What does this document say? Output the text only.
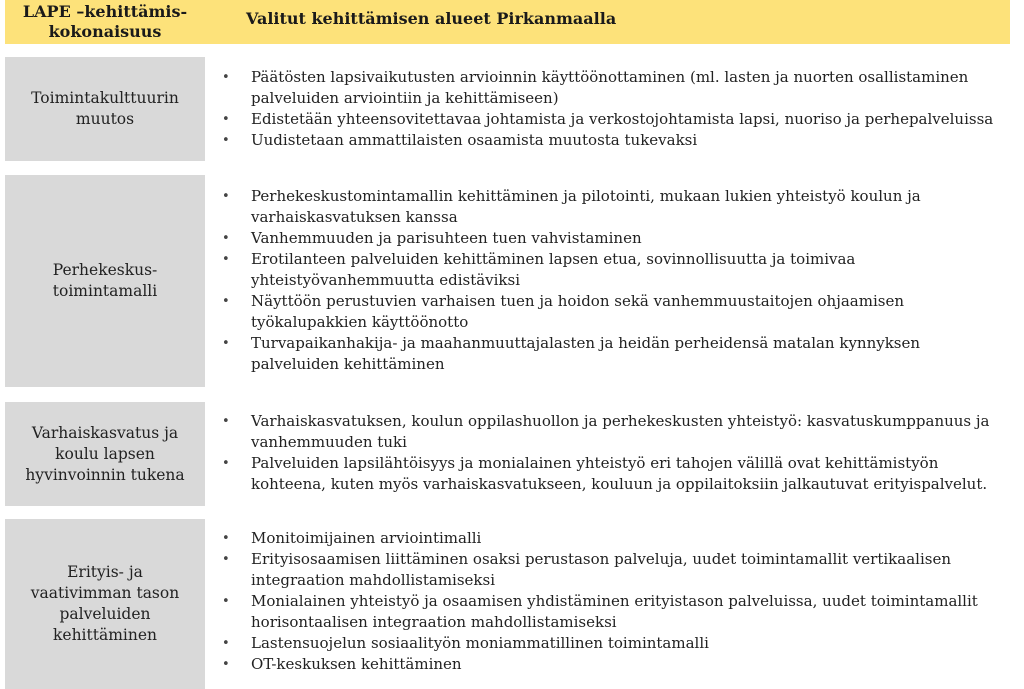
LAPE –kehittämis-
kokonaisuus
Valitut kehittämisen alueet Pirkanmaalla
Toimintakulttuurin
muutos
• Päätösten lapsivaikutusten arvioinnin käyttöönottaminen (ml. lasten ja nuorten osallistaminen palveluiden arviointiin ja kehittämiseen)
• Edistetään yhteensovitettavaa johtamista ja verkostojohtamista lapsi, nuoriso ja perhepalveluissa
• Uudistetaan ammattilaisten osaamista muutosta tukevaksi
Perhekeskus-
toimintamalli
• Perhekeskustomintamallin kehittäminen ja pilotointi, mukaan lukien yhteistyö koulun ja varhaiskasvatuksen kanssa
• Vanhemmuuden ja parisuhteen tuen vahvistaminen
• Erotilanteen palveluiden kehittäminen lapsen etua, sovinnollisuutta ja toimivaa yhteistyövanhemmuutta edistäviksi
• Näyttöön perustuvien varhaisen tuen ja hoidon sekä vanhemmuustaitojen ohjaamisen työkalupakkien käyttöönotto
• Turvapaikanhakija- ja maahanmuuttajalasten ja heidän perheidensä matalan kynnyksen palveluiden kehittäminen
Varhaiskasvatus ja
koulu lapsen
hyvinvoinnin tukena
• Varhaiskasvatuksen, koulun oppilashuollon ja perhekeskusten yhteistyö: kasvatuskumppanuus ja vanhemmuuden tuki
• Palveluiden lapsilähtöisyys ja monialainen yhteistyö eri tahojen välillä ovat kehittämistyön kohteena, kuten myös varhaiskasvatukseen, kouluun ja oppilaitoksiin jalkautuvat erityispalvelut.
Erityis- ja
vaativimman tason
palveluiden
kehittäminen
• Monitoimijainen arviointimalli
• Erityisosaamisen liittäminen osaksi perustason palveluja, uudet toimintamallit vertikaalisen integraation mahdollistamiseksi
• Monialainen yhteistyö ja osaamisen yhdistäminen erityistason palveluissa, uudet toimintamallit horisontaalisen integraation mahdollistamiseksi
• Lastensuojelun sosiaalityön moniammatillinen toimintamalli
• OT-keskuksen kehittäminen
